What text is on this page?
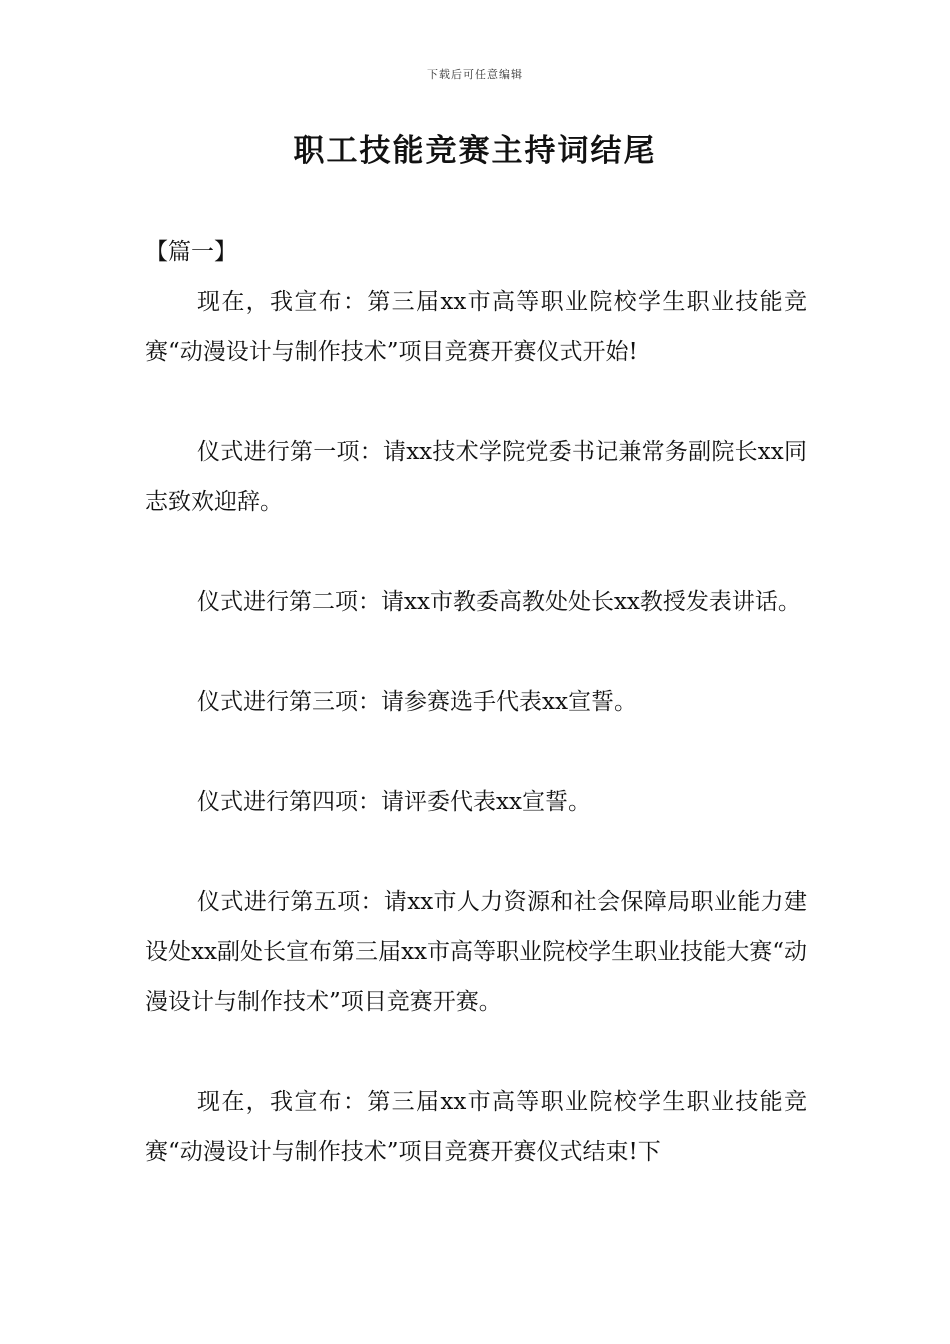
下载后可任意编辑
职工技能竞赛主持词结尾
【篇一】

现在，我宣布：第三届xx市高等职业院校学生职业技能竞赛“动漫设计与制作技术”项目竞赛开赛仪式开始!

仪式进行第一项：请xx技术学院党委书记兼常务副院长xx同志致欢迎辞。

仪式进行第二项：请xx市教委高教处处长xx教授发表讲话。

仪式进行第三项：请参赛选手代表xx宣誓。

仪式进行第四项：请评委代表xx宣誓。

仪式进行第五项：请xx市人力资源和社会保障局职业能力建设处xx副处长宣布第三届xx市高等职业院校学生职业技能大赛“动漫设计与制作技术”项目竞赛开赛。

现在，我宣布：第三届xx市高等职业院校学生职业技能竞赛“动漫设计与制作技术”项目竞赛开赛仪式结束!下
